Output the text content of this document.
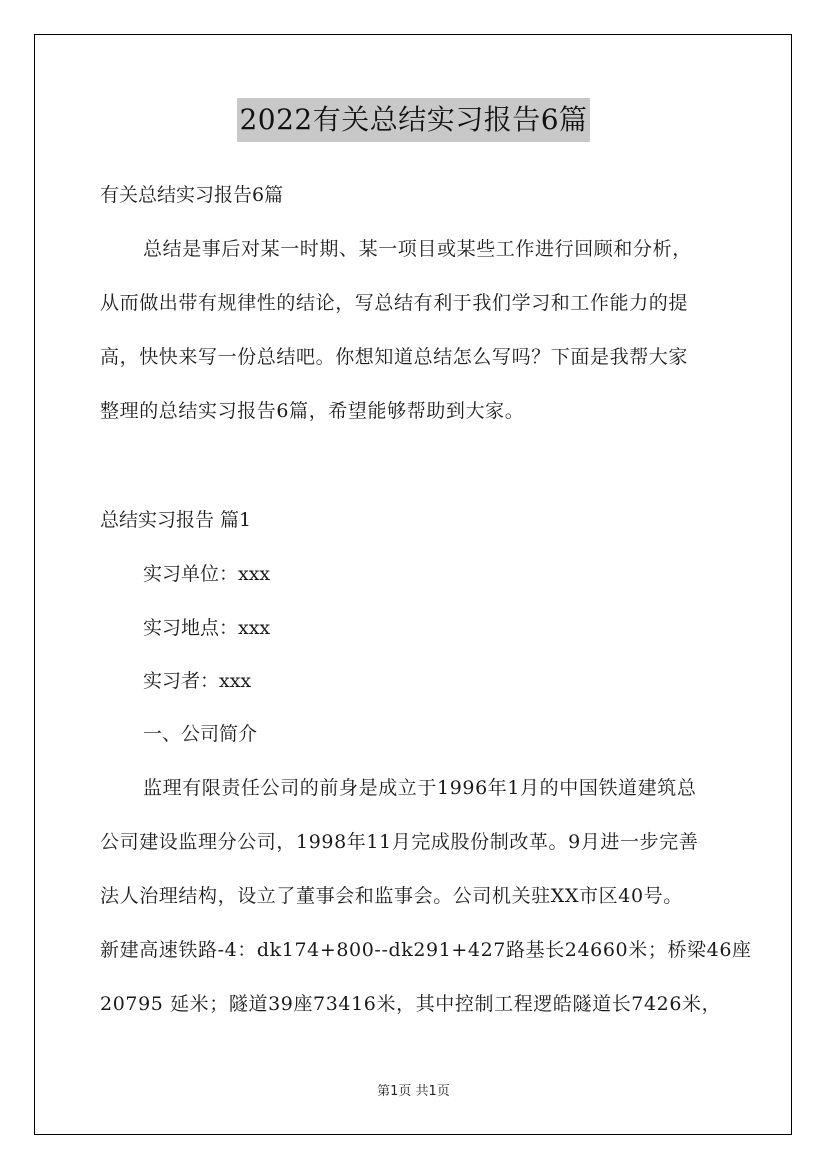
2022有关总结实习报告6篇
有关总结实习报告6篇
总结是事后对某一时期、某一项目或某些工作进行回顾和分析，
从而做出带有规律性的结论，写总结有利于我们学习和工作能力的提
高，快快来写一份总结吧。你想知道总结怎么写吗？下面是我帮大家
整理的总结实习报告6篇，希望能够帮助到大家。
总结实习报告 篇1
实习单位：xxx
实习地点：xxx
实习者：xxx
一、公司简介
监理有限责任公司的前身是成立于1996年1月的中国铁道建筑总
公司建设监理分公司，1998年11月完成股份制改革。9月进一步完善
法人治理结构，设立了董事会和监事会。公司机关驻XX市区40号。
新建高速铁路-4：dk174+800--dk291+427路基长24660米；桥梁46座
20795 延米；隧道39座73416米，其中控制工程逻皓隧道长7426米，
第1页 共1页
